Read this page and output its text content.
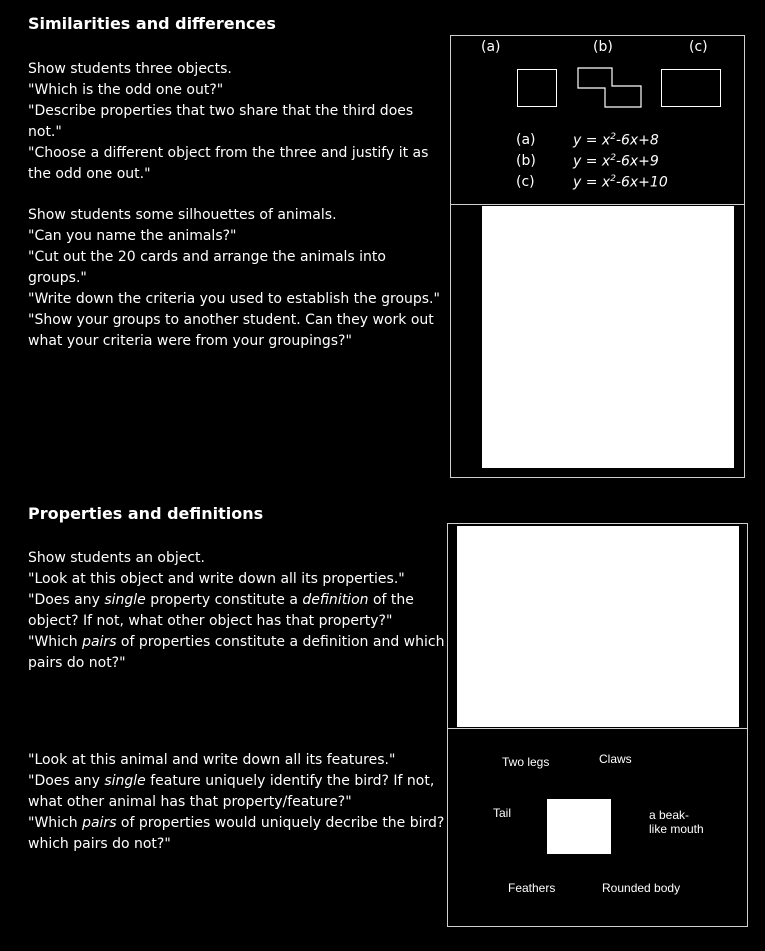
Similarities and differences

Show students three objects.

"Which is the odd one out?"

"Describe properties that two share that the third does not."

"Choose a different object from the three and justify it as the odd one out."

Show students some silhouettes of animals.

"Can you name the animals?"

"Cut out the 20 cards and arrange the animals into groups."

"Write down the criteria you used to establish the groups."

"Show your groups to another student. Can they work out what your criteria were from your groupings?"

(a)	(b)	(c)
(a)	$y = x^2-6x+8$
(b)	$y = x^2-6x+9$
(c)	$y = x^2-6x+10$
Properties and definitions

Show students an object.

"Look at this object and write down all its properties."

"Does any single property constitute a definition of the object? If not, what other object has that property?"

"Which pairs of properties constitute a definition and which pairs do not?"

"Look at this animal and write down all its features."

"Does any single feature uniquely identify the bird? If not, what other animal has that property/feature?"

"Which pairs of properties would uniquely decribe the bird? which pairs do not?"

Two legs	Claws
Tail	a beak-
like mouth
Feathers	Rounded body
